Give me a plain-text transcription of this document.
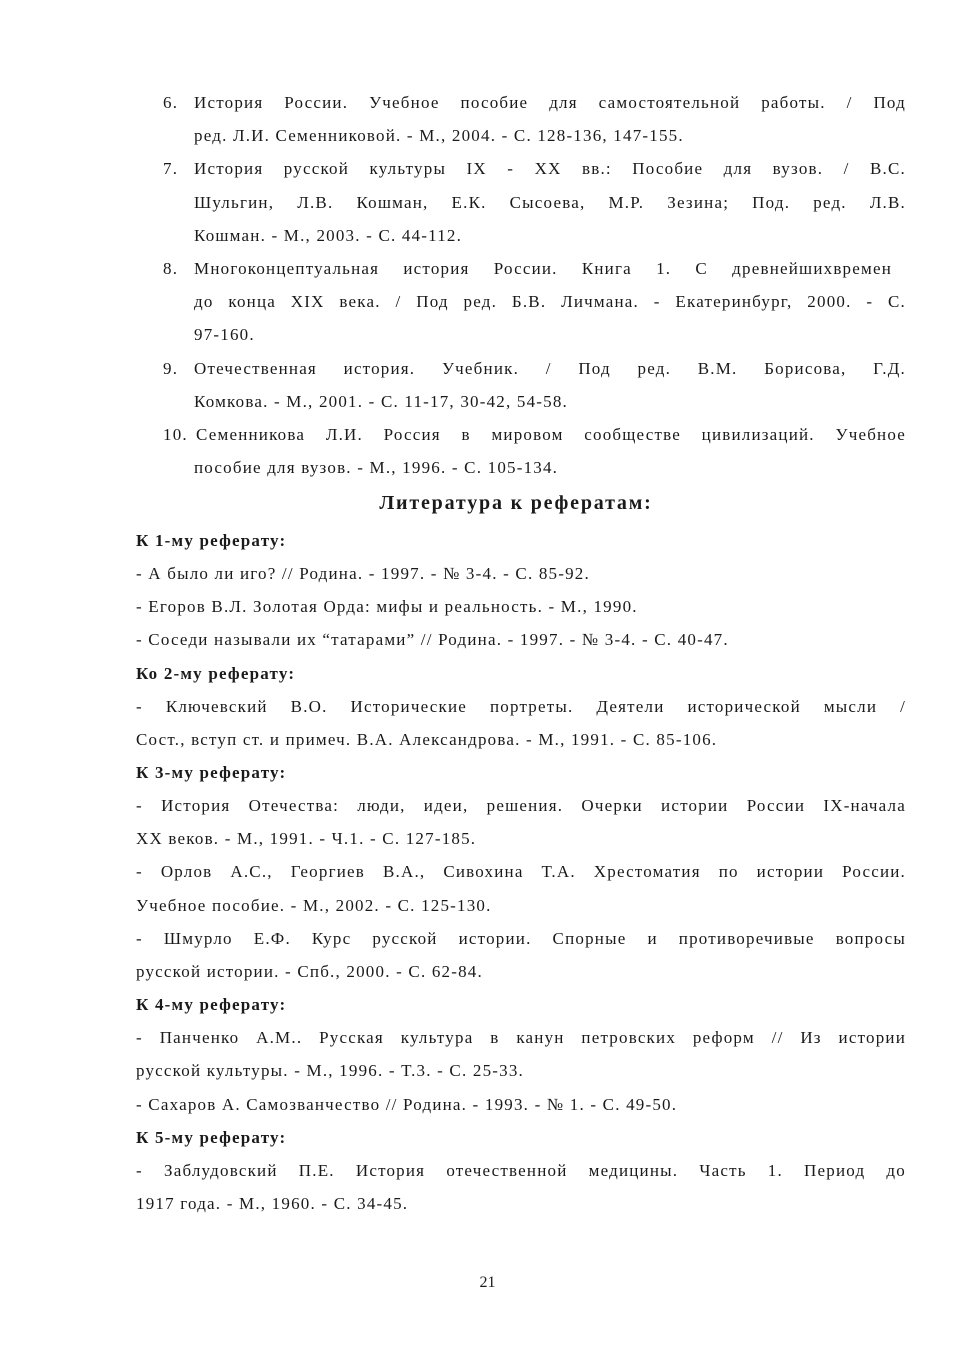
6. История России. Учебное пособие для самостоятельной работы. / Под
ред. Л.И. Семенниковой. - М., 2004. - С. 128-136, 147-155.
7. История русской культуры IX - XX вв.: Пособие для вузов. / В.С.
Шульгин, Л.В. Кошман, Е.К. Сысоева, М.Р. Зезина; Под. ред. Л.В.
Кошман. - М., 2003. - С. 44-112.
8. Многоконцептуальная история России. Книга 1. С древнейшихвремен
до конца XIX века. / Под ред. Б.В. Личмана. - Екатеринбург, 2000. - С.
97-160.
9. Отечественная история. Учебник. / Под ред. В.М. Борисова, Г.Д.
Комкова. - М., 2001. - С. 11-17, 30-42, 54-58.
10. Семенникова Л.И. Россия в мировом сообществе цивилизаций. Учебное
пособие для вузов. - М., 1996. - С. 105-134.
Литература к рефератам:
К 1-му реферату:
- А было ли иго? // Родина. - 1997. - № 3-4. - С. 85-92.
- Егоров В.Л. Золотая Орда: мифы и реальность. - М., 1990.
- Соседи называли их “татарами” // Родина. - 1997. - № 3-4. - С. 40-47.
Ко 2-му реферату:
- Ключевский В.О. Исторические портреты. Деятели исторической мысли /
Сост., вступ ст. и примеч. В.А. Александрова. - М., 1991. - С. 85-106.
К 3-му реферату:
- История Отечества: люди, идеи, решения. Очерки истории России IX-начала
XX веков. - М., 1991. - Ч.1. - С. 127-185.
- Орлов А.С., Георгиев В.А., Сивохина Т.А. Хрестоматия по истории России.
Учебное пособие. - М., 2002. - С. 125-130.
- Шмурло Е.Ф. Курс русской истории. Спорные и противоречивые вопросы
русской истории. - Спб., 2000. - С. 62-84.
К 4-му реферату:
- Панченко А.М.. Русская культура в канун петровских реформ // Из истории
русской культуры. - М., 1996. - Т.3. - С. 25-33.
- Сахаров А. Самозванчество // Родина. - 1993. - № 1. - С. 49-50.
К 5-му реферату:
- Заблудовский П.Е. История отечественной медицины. Часть 1. Период до
1917 года. - М., 1960. - С. 34-45.
21
